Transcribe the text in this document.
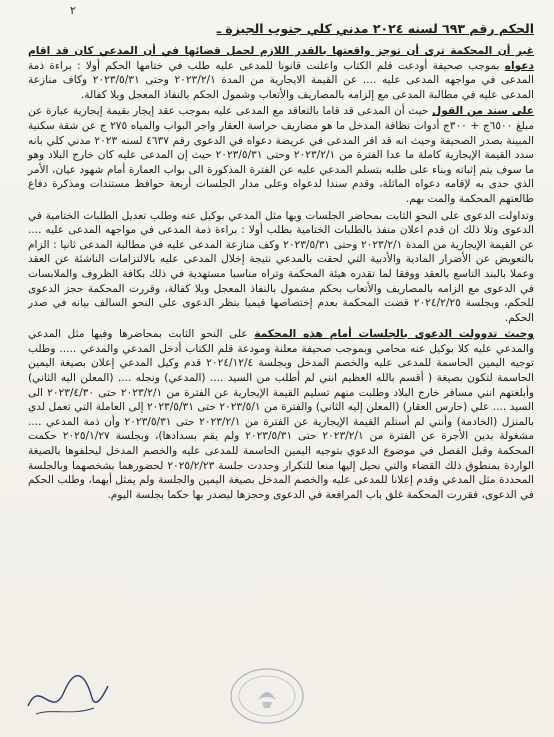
٢
الحكم رقم ٦٩٣ لسنه ٢٠٢٤ مدني كلي جنوب الجيزة ـ

غير أن المحكمة ترى أن توجز واقعتها بالقدر اللازم لحمل قضائها في أن المدعي كان قد اقام دعواه بموجب صحيفة أودعت قلم الكتاب واعلنت قانونا للمدعى عليه طلب في ختامها الحكم أولا : براءة ذمة المدعى في مواجهه المدعى عليه .... عن القيمة الايجارية من المدة ٢٠٢٣/٢/١ وحتى ٢٠٢٣/٥/٣١ وكاف منازعة المدعى عليه في مطالبة المدعى مع إلزامه بالمصاريف والأتعاب وشمول الحكم بالنفاذ المعجل وبلا كفالة.

على سند من القول حيث أن المدعى قد قاما بالتعاقد مع المدعى عليه بموجب عقد إيجار بقيمة إيجارية عبارة عن مبلغ ٦٥٠٠ج + ٣٠٠ج أدوات نظافة المدخل ما هو مصاريف حراسة العقار واجر البواب والمياه ٢٧٥ ج عن شقة سكنية المبينة بصدر الصحيفة وحيث انه قد اقر المدعى في عريضة دعواه في الدعوى رقم ٤٦٣٧ لسنه ٢٠٢٣ مدني كلي بانه سدد القيمة الإيجارية كاملة ما عدا الفترة من ٢٠٢٣/٢/١ وحتى ٢٠٢٣/٥/٣١ حيث إن المدعى عليه كان خارج البلاد وهو ما سوف يتم إثباته وبناء على طلبه بتسلم المدعي عليه عن الفترة المذكورة الى بواب العمارة أمام شهود عيان، الأمر الذي حدى به لإقامه دعواه الماثلة، وقدم سندا لدعواه وعلى مدار الجلسات أربعة حوافظ مستندات ومذكرة دفاع طالعتهم المحكمة والمت بهم.

وتداولت الدعوى على النحو الثابت بمحاضر الجلسات وبها مثل المدعي بوكيل عنه وطلب تعديل الطلبات الختامية في الدعوى وتلا ذلك ان قدم اعلان منفذ بالطلبات الختامية بطلب أولا : براءة ذمة المدعى في مواجهه المدعى عليه .... عن القيمة الإيجارية من المدة ٢٠٢٣/٢/١ وحتى ٢٠٢٣/٥/٣١ وكف منازعة المدعى عليه في مطالبة المدعى ثانيا : الزام بالتعويض عن الأضرار المادية والأدبية التي لحقت بالمدعي نتيجة إخلال المدعى عليه بالالتزامات الناشئة عن العقد وعملا بالبند التاسع بالعقد ووفقا لما تقدره هيئة المحكمة وتراه مناسبا مستهدية في ذلك بكافة الظروف والملابسات في الدعوى مع الزامه بالمصاريف والأتعاب بحكم مشمول بالنفاذ المعجل وبلا كفالة، وقررت المحكمة حجز الدعوى للحكم، وبجلسة ٢٠٢٤/٢/٢٥ قضت المحكمة بعدم إختصاصها قيميا بنظر الدعوى على النحو السالف بيانه في صدر الحكم.

وحيث تدوولت الدعوى بالجلسات أمام هذه المحكمة على النحو الثابت بمحاضرها وفيها مثل المدعي والمدعي عليه كلا بوكيل عنه محامي وبموجب صحيفة معلنة ومودعة قلم الكتاب أدخل المدعي والمدعي ..... وطلب توجيه اليمين الحاسمة للمدعى عليه والخصم المدخل وبجلسة ٢٠٢٤/١٢/٤ قدم وكيل المدعي إعلان بصيغة اليمين الحاسمة لتكون بصيغة ( أقسم بالله العظيم انني لم أطلب من السيد .... (المدعي) ونجله .... (المعلن اليه الثاني) وأبلغتهم انني مسافر خارج البلاد وطلبت منهم تسليم القيمة الإيجارية عن الفترة من ٢٠٢٣/٢/١ حتى ٢٠٢٣/٤/٣٠ الى السيد .... علي (حارس العقار) (المعلن إليه الثاني) والفترة من ٢٠٢٣/٥/١ حتى ٢٠٢٣/٥/٣١ إلى العاملة التي تعمل لدي بالمنزل (الخادمة) وأنني لم أستلم القيمة الإيجارية عن الفترة من ٢٠٢٣/٢/١ حتى ٢٠٢٣/٥/٣١ وأن ذمة المدعي .... مشغولة بدين الأجرة عن الفترة من ٢٠٢٣/٢/١ حتى ٢٠٢٣/٥/٣١ ولم يقم بسدادها)، وبجلسة ٢٠٢٥/١/٢٧ حكمت المحكمة وقبل الفصل في موضوع الدعوي بتوجيه اليمين الحاسمة للمدعى عليه والخصم المدخل ليحلفوها بالصيغة الواردة بمنطوق ذلك القضاء والتي نحيل إليها منعا للتكرار وحددت جلسة ٢٠٢٥/٢/٢٣ لحضورهما بشخصهما وبالجلسة المحددة مثل المدعي وقدم إعلانا للمدعى عليه والخصم المدخل بصيغة اليمين والجلسة ولم يمثل أيهما، وطلب الحكم في الدعوى، فقررت المحكمة غلق باب المرافعة في الدعوى وحجزها ليصدر بها حكما بجلسة اليوم.
